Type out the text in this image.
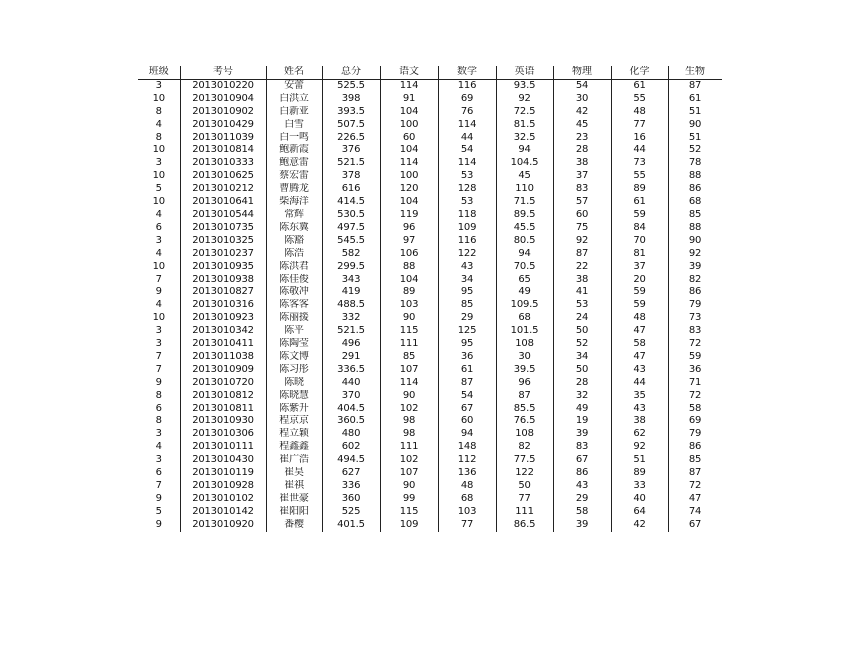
班级	考号	姓名	总分	语文	数学	英语	物理	化学	生物
3	2013010220	安蕾	525.5	114	116	93.5	54	61	87
10	2013010904	白洪立	398	91	69	92	30	55	61
8	2013010902	白新亚	393.5	104	76	72.5	42	48	51
4	2013010429	白雪	507.5	100	114	81.5	45	77	90
8	2013011039	白一鸣	226.5	60	44	32.5	23	16	51
10	2013010814	鲍新霞	376	104	54	94	28	44	52
3	2013010333	鲍意雷	521.5	114	114	104.5	38	73	78
10	2013010625	蔡宏雷	378	100	53	45	37	55	88
5	2013010212	曹腾龙	616	120	128	110	83	89	86
10	2013010641	柴海洋	414.5	104	53	71.5	57	61	68
4	2013010544	常辉	530.5	119	118	89.5	60	59	85
6	2013010735	陈东冀	497.5	96	109	45.5	75	84	88
3	2013010325	陈豁	545.5	97	116	80.5	92	70	90
4	2013010237	陈浩	582	106	122	94	87	81	92
10	2013010935	陈洪君	299.5	88	43	70.5	22	37	39
7	2013010938	陈佳俊	343	104	34	65	38	20	82
9	2013010827	陈敬冲	419	89	95	49	41	59	86
4	2013010316	陈客客	488.5	103	85	109.5	53	59	79
10	2013010923	陈丽援	332	90	29	68	24	48	73
3	2013010342	陈平	521.5	115	125	101.5	50	47	83
3	2013010411	陈陶莹	496	111	95	108	52	58	72
7	2013011038	陈文博	291	85	36	30	34	47	59
7	2013010909	陈习彤	336.5	107	61	39.5	50	43	36
9	2013010720	陈晓	440	114	87	96	28	44	71
8	2013010812	陈晓慧	370	90	54	87	32	35	72
6	2013010811	陈紫升	404.5	102	67	85.5	49	43	58
8	2013010930	程京京	360.5	98	60	76.5	19	38	69
3	2013010306	程立颖	480	98	94	108	39	62	79
4	2013010111	程鑫鑫	602	111	148	82	83	92	86
3	2013010430	崔广浩	494.5	102	112	77.5	67	51	85
6	2013010119	崔昊	627	107	136	122	86	89	87
7	2013010928	崔祺	336	90	48	50	43	33	72
9	2013010102	崔世豪	360	99	68	77	29	40	47
5	2013010142	崔阳阳	525	115	103	111	58	64	74
9	2013010920	番樱	401.5	109	77	86.5	39	42	67
